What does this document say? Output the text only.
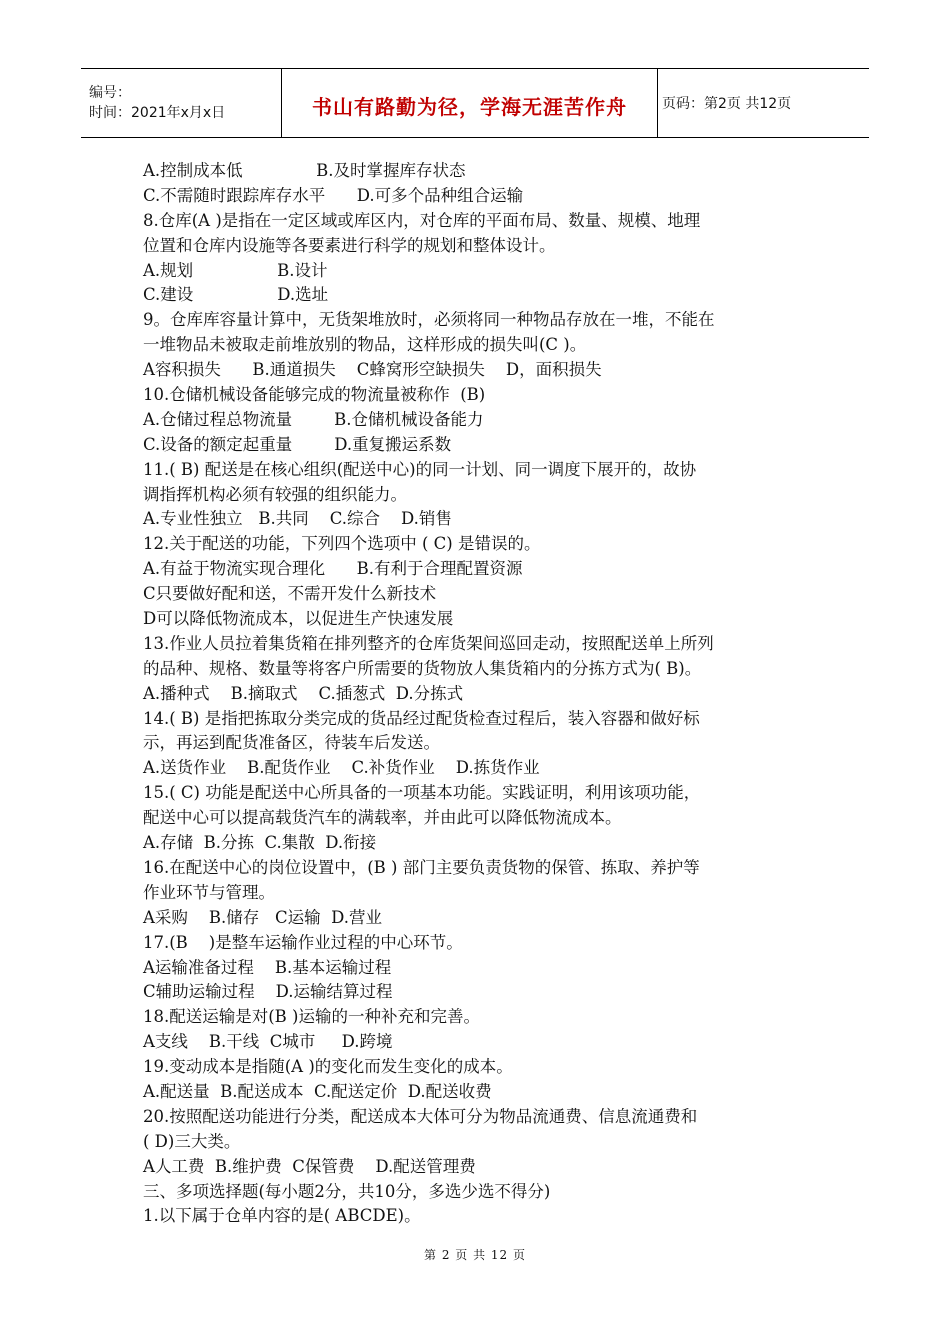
编号：
时间：2021年x月x日	书山有路勤为径，学海无涯苦作舟	页码：第2页 共12页
A.控制成本低              B.及时掌握库存状态
C.不需随时跟踪库存水平      D.可多个品种组合运输
8.仓库(A )是指在一定区域或库区内，对仓库的平面布局、数量、规模、地理
位置和仓库内设施等各要素进行科学的规划和整体设计。
A.规划                B.设计
C.建设                D.选址
9。仓库库容量计算中，无货架堆放时，必须将同一种物品存放在一堆，不能在
一堆物品未被取走前堆放别的物品，这样形成的损失叫(C )。
A容积损失      B.通道损失    C蜂窝形空缺损失    D，面积损失
10.仓储机械设备能够完成的物流量被称作  (B)
A.仓储过程总物流量        B.仓储机械设备能力
C.设备的额定起重量        D.重复搬运系数
11.( B) 配送是在核心组织(配送中心)的同一计划、同一调度下展开的，故协
调指挥机构必须有较强的组织能力。
A.专业性独立   B.共同    C.综合    D.销售
12.关于配送的功能，下列四个选项中 ( C) 是错误的。
A.有益于物流实现合理化      B.有利于合理配置资源
C只要做好配和送，不需开发什么新技术
D可以降低物流成本，以促进生产快速发展
13.作业人员拉着集货箱在排列整齐的仓库货架间巡回走动，按照配送单上所列
的品种、规格、数量等将客户所需要的货物放人集货箱内的分拣方式为( B)。
A.播种式    B.摘取式    C.插葱式  D.分拣式
14.( B) 是指把拣取分类完成的货品经过配货检查过程后，装入容器和做好标
示，再运到配货准备区，待装车后发送。
A.送货作业    B.配货作业    C.补货作业    D.拣货作业
15.( C) 功能是配送中心所具备的一项基本功能。实践证明，利用该项功能，
配送中心可以提高载货汽车的满载率，并由此可以降低物流成本。
A.存储  B.分拣  C.集散  D.衔接
16.在配送中心的岗位设置中，(B ) 部门主要负责货物的保管、拣取、养护等
作业环节与管理。
A采购    B.储存   C运输  D.营业
17.(B    )是整车运输作业过程的中心环节。
A运输准备过程    B.基本运输过程
C辅助运输过程    D.运输结算过程
18.配送运输是对(B )运输的一种补充和完善。
A支线    B.干线  C城市     D.跨境
19.变动成本是指随(A )的变化而发生变化的成本。
A.配送量  B.配送成本  C.配送定价  D.配送收费
20.按照配送功能进行分类，配送成本大体可分为物品流通费、信息流通费和
( D)三大类。
A人工费  B.维护费  C保管费    D.配送管理费
三、多项选择题(每小题2分，共10分，多选少选不得分)
1.以下属于仓单内容的是( ABCDE)。
第 2 页 共 12 页
